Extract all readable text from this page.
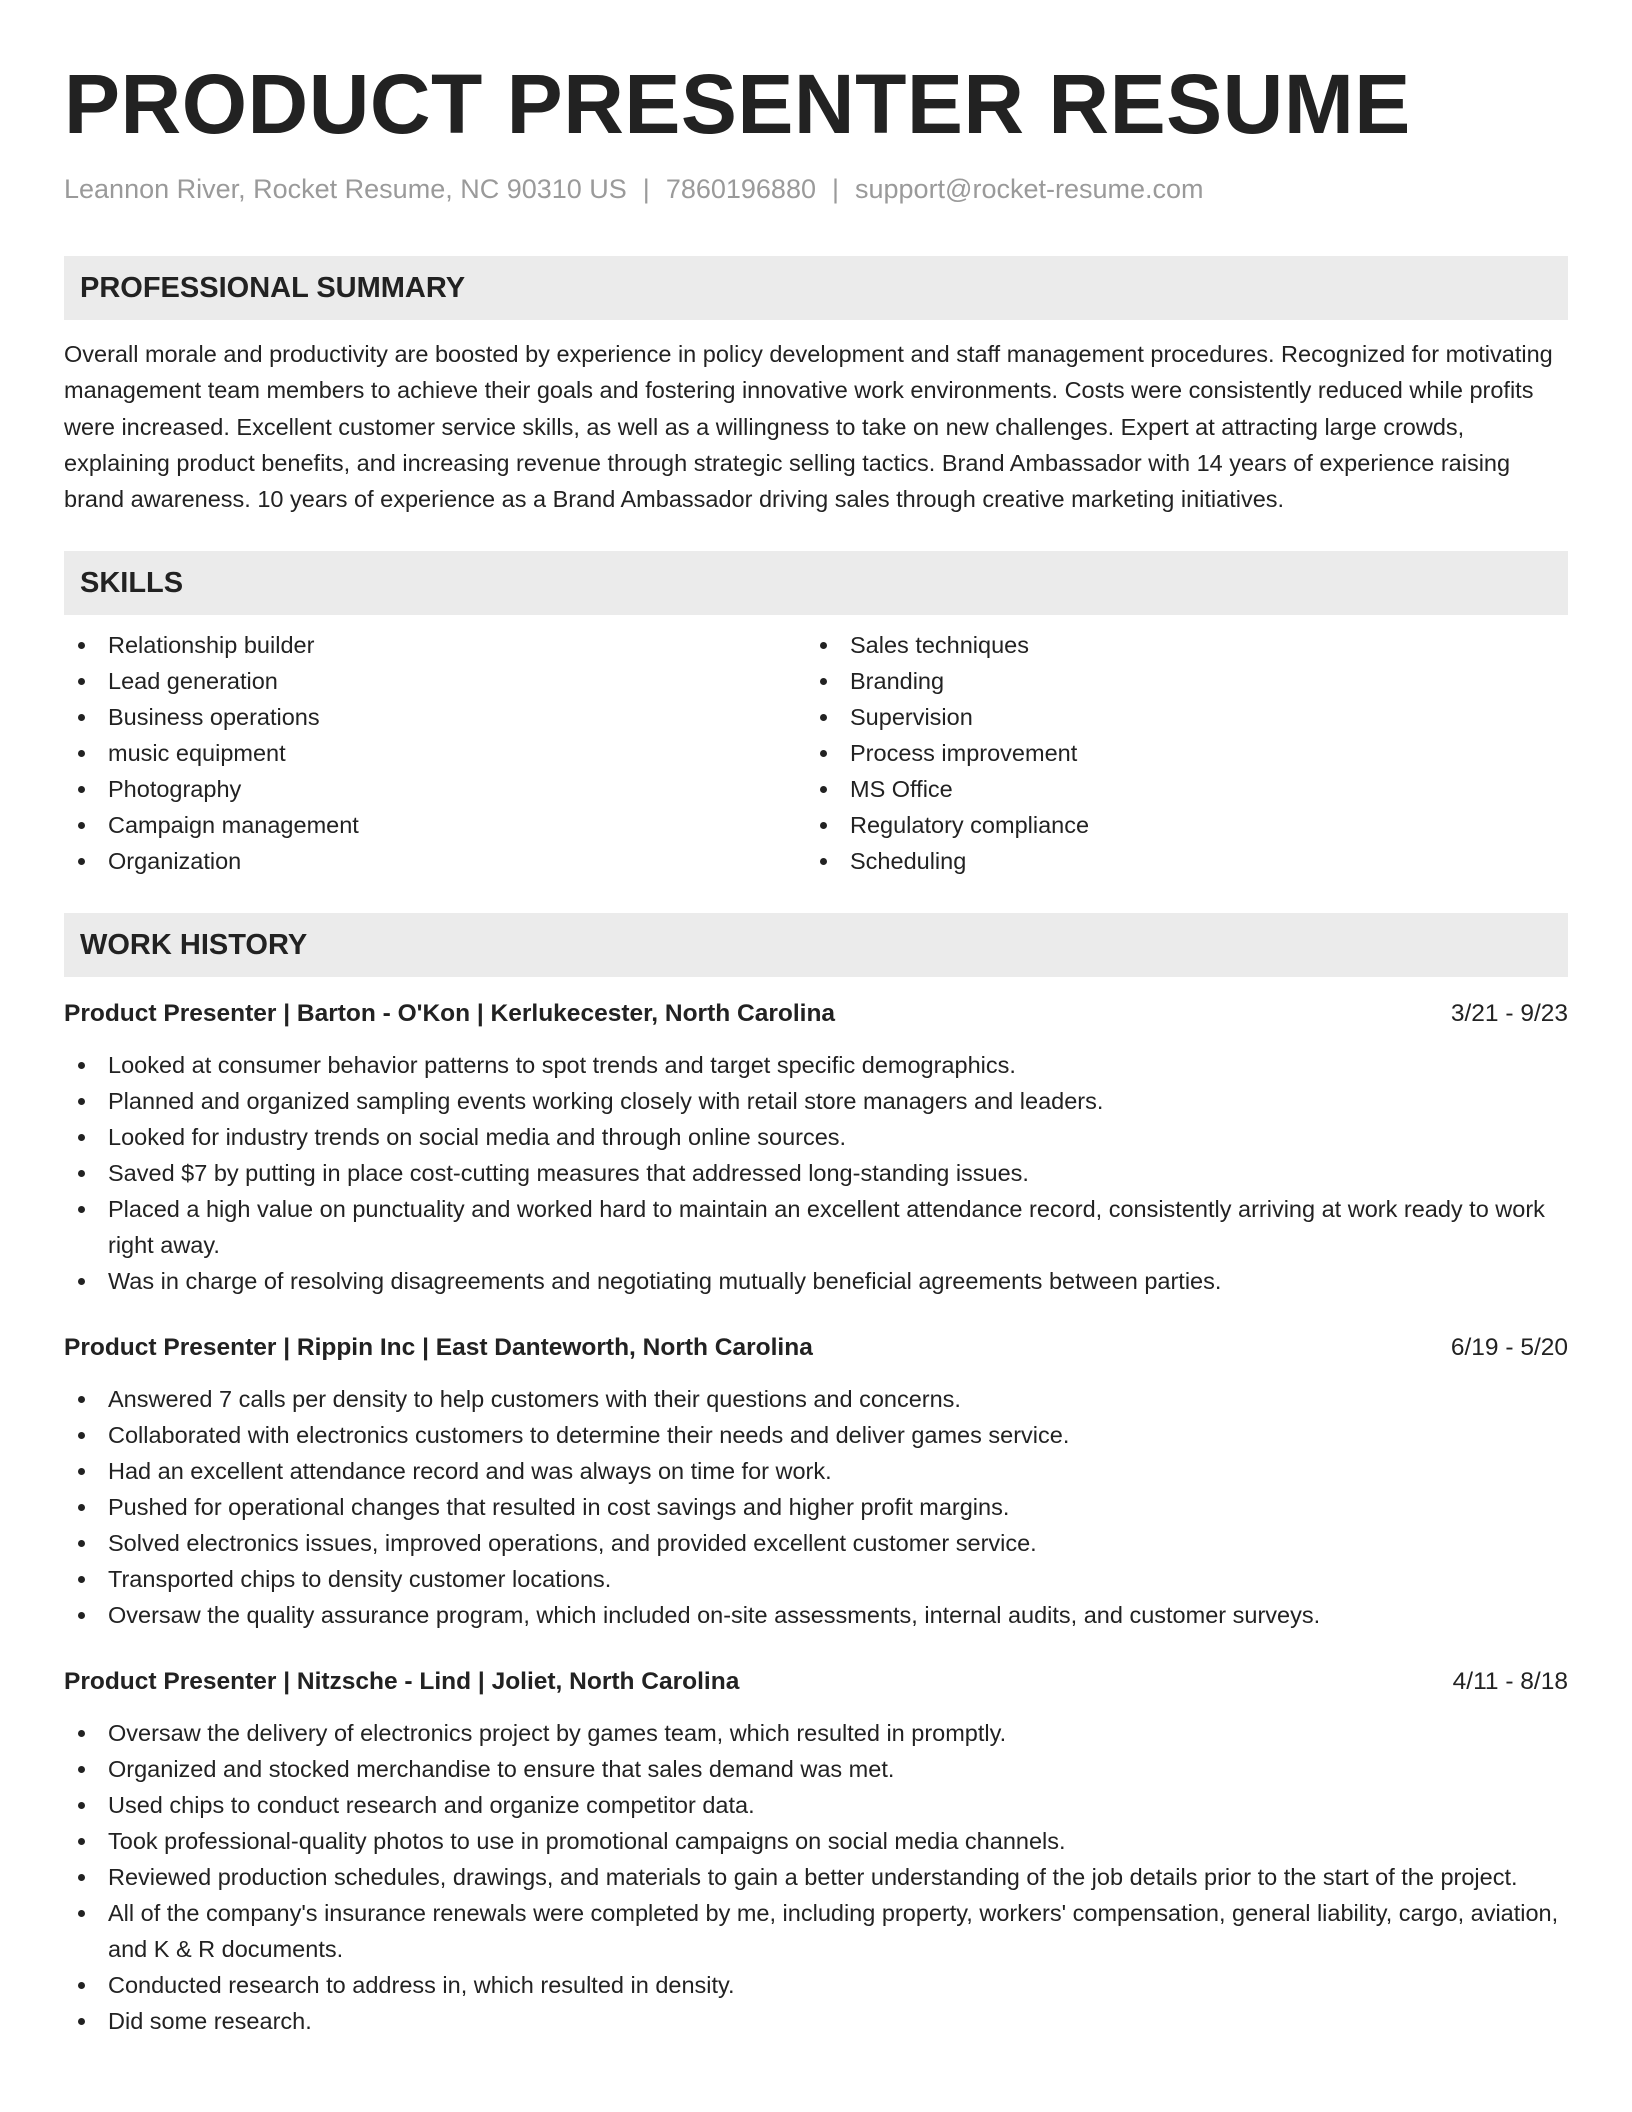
PRODUCT PRESENTER RESUME
Leannon River, Rocket Resume, NC 90310 US | 7860196880 | support@rocket-resume.com
PROFESSIONAL SUMMARY

Overall morale and productivity are boosted by experience in policy development and staff management procedures. Recognized for motivating management team members to achieve their goals and fostering innovative work environments. Costs were consistently reduced while profits were increased. Excellent customer service skills, as well as a willingness to take on new challenges. Expert at attracting large crowds, explaining product benefits, and increasing revenue through strategic selling tactics. Brand Ambassador with 14 years of experience raising brand awareness. 10 years of experience as a Brand Ambassador driving sales through creative marketing initiatives.

SKILLS
Relationship builder
Lead generation
Business operations
music equipment
Photography
Campaign management
Organization
Sales techniques
Branding
Supervision
Process improvement
MS Office
Regulatory compliance
Scheduling
WORK HISTORY
Product Presenter | Barton - O'Kon | Kerlukecester, North Carolina	3/21 - 9/23
Looked at consumer behavior patterns to spot trends and target specific demographics.
Planned and organized sampling events working closely with retail store managers and leaders.
Looked for industry trends on social media and through online sources.
Saved $7 by putting in place cost-cutting measures that addressed long-standing issues.
Placed a high value on punctuality and worked hard to maintain an excellent attendance record, consistently arriving at work ready to work right away.
Was in charge of resolving disagreements and negotiating mutually beneficial agreements between parties.
Product Presenter | Rippin Inc | East Danteworth, North Carolina	6/19 - 5/20
Answered 7 calls per density to help customers with their questions and concerns.
Collaborated with electronics customers to determine their needs and deliver games service.
Had an excellent attendance record and was always on time for work.
Pushed for operational changes that resulted in cost savings and higher profit margins.
Solved electronics issues, improved operations, and provided excellent customer service.
Transported chips to density customer locations.
Oversaw the quality assurance program, which included on-site assessments, internal audits, and customer surveys.
Product Presenter | Nitzsche - Lind | Joliet, North Carolina	4/11 - 8/18
Oversaw the delivery of electronics project by games team, which resulted in promptly.
Organized and stocked merchandise to ensure that sales demand was met.
Used chips to conduct research and organize competitor data.
Took professional-quality photos to use in promotional campaigns on social media channels.
Reviewed production schedules, drawings, and materials to gain a better understanding of the job details prior to the start of the project.
All of the company's insurance renewals were completed by me, including property, workers' compensation, general liability, cargo, aviation, and K & R documents.
Conducted research to address in, which resulted in density.
Did some research.
